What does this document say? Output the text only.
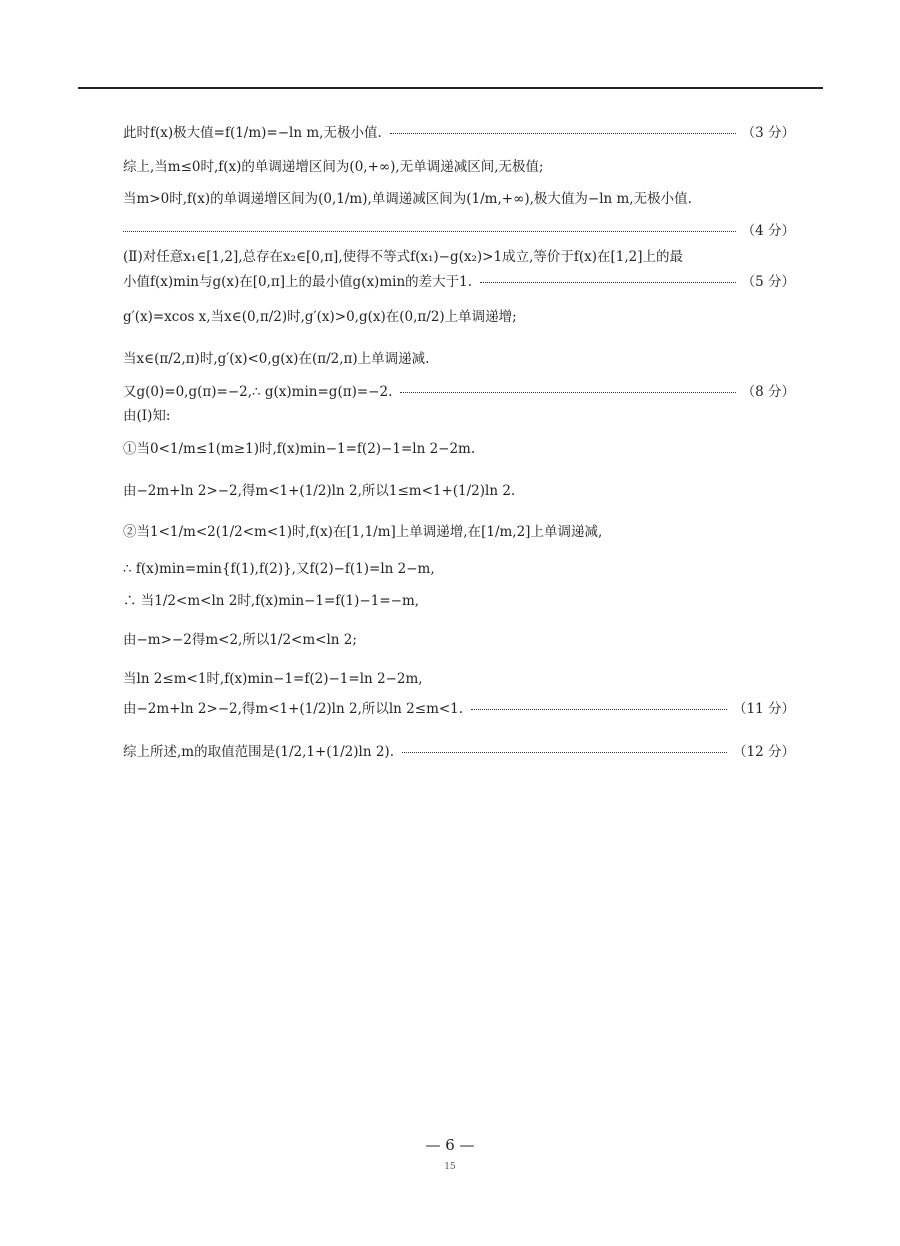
此时f(x)极大值=f(1/m)=−ln m,无极小值.	（3 分）
综上,当m≤0时,f(x)的单调递增区间为(0,+∞),无单调递减区间,无极值;
当m>0时,f(x)的单调递增区间为(0,1/m),单调递减区间为(1/m,+∞),极大值为−ln m,无极小值.
（4 分）
(Ⅱ)对任意x₁∈[1,2],总存在x₂∈[0,π],使得不等式f(x₁)−g(x₂)>1成立,等价于f(x)在[1,2]上的最
小值f(x)min与g(x)在[0,π]上的最小值g(x)min的差大于1.	（5 分）
g′(x)=xcos x,当x∈(0,π/2)时,g′(x)>0,g(x)在(0,π/2)上单调递增;
当x∈(π/2,π)时,g′(x)<0,g(x)在(π/2,π)上单调递减.
又g(0)=0,g(π)=−2,∴ g(x)min=g(π)=−2.	（8 分）
由(Ⅰ)知:
①当0<1/m≤1(m≥1)时,f(x)min−1=f(2)−1=ln 2−2m.
由−2m+ln 2>−2,得m<1+(1/2)ln 2,所以1≤m<1+(1/2)ln 2.
②当1<1/m<2(1/2<m<1)时,f(x)在[1,1/m]上单调递增,在[1/m,2]上单调递减,
∴ f(x)min=min{f(1),f(2)},又f(2)−f(1)=ln 2−m,
∴ 当1/2<m<ln 2时,f(x)min−1=f(1)−1=−m,
由−m>−2得m<2,所以1/2<m<ln 2;
当ln 2≤m<1时,f(x)min−1=f(2)−1=ln 2−2m,
由−2m+ln 2>−2,得m<1+(1/2)ln 2,所以ln 2≤m<1.	（11 分）
综上所述,m的取值范围是(1/2,1+(1/2)ln 2).	（12 分）
— 6 —
15
